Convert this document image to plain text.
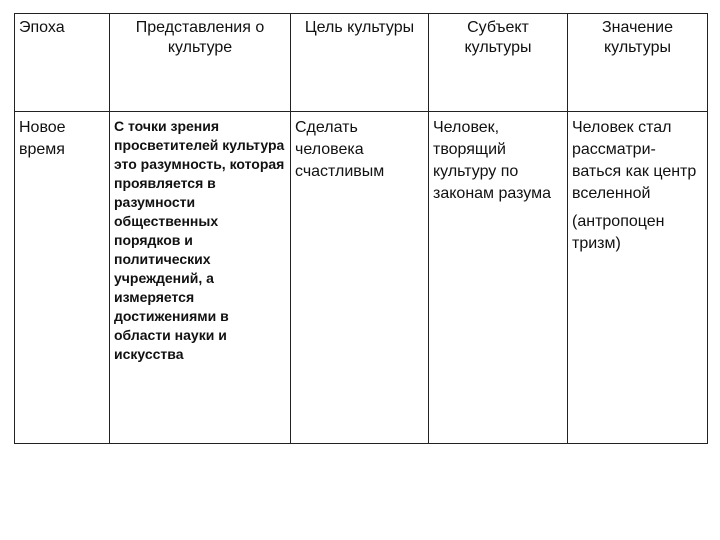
Эпоха	Представления о культуре	Цель культуры	Субъект культуры	Значение культуры
Новое время	С точки зрения просветителей культура это разумность, которая проявляется в разумности общественных порядков и политических учреждений, а измеряется достижениями в области науки и искусства	Сделать человека счастливым	Человек, творящий культуру по законам разума	Человек стал рассматри-ваться как центр вселенной

(антропоцен тризм)
